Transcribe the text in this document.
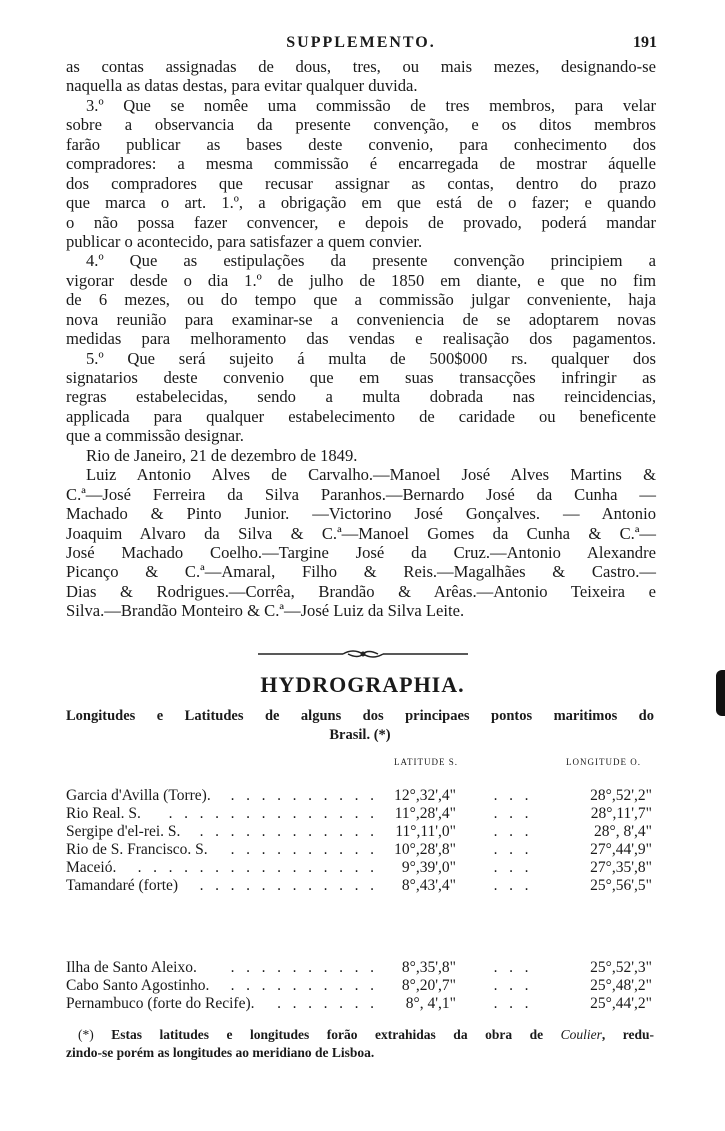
SUPPLEMENTO.	191
as contas assignadas de dous, tres, ou mais mezes, designando-se
naquella as datas destas, para evitar qualquer duvida.
3.º Que se nomêe uma commissão de tres membros, para velar
sobre a observancia da presente convenção, e os ditos membros
farão publicar as bases deste convenio, para conhecimento dos
compradores: a mesma commissão é encarregada de mostrar áquelle
dos compradores que recusar assignar as contas, dentro do prazo
que marca o art. 1.º, a obrigação em que está de o fazer; e quando
o não possa fazer convencer, e depois de provado, poderá mandar
publicar o acontecido, para satisfazer a quem convier.
4.º Que as estipulações da presente convenção principiem a
vigorar desde o dia 1.º de julho de 1850 em diante, e que no fim
de 6 mezes, ou do tempo que a commissão julgar conveniente, haja
nova reunião para examinar-se a conveniencia de se adoptarem novas
medidas para melhoramento das vendas e realisação dos pagamentos.
5.º Que será sujeito á multa de 500$000 rs. qualquer dos
signatarios deste convenio que em suas transacções infringir as
regras estabelecidas, sendo a multa dobrada nas reincidencias,
applicada para qualquer estabelecimento de caridade ou beneficente
que a commissão designar.
Rio de Janeiro, 21 de dezembro de 1849.
Luiz Antonio Alves de Carvalho.—Manoel José Alves Martins &
C.ª—José Ferreira da Silva Paranhos.—Bernardo José da Cunha —
Machado & Pinto Junior. —Victorino José Gonçalves. — Antonio
Joaquim Alvaro da Silva & C.ª—Manoel Gomes da Cunha & C.ª—
José Machado Coelho.—Targine José da Cruz.—Antonio Alexandre
Picanço & C.ª—Amaral, Filho & Reis.—Magalhães & Castro.—
Dias & Rodrigues.—Corrêa, Brandão & Arêas.—Antonio Teixeira e
Silva.—Brandão Monteiro & C.ª—José Luiz da Silva Leite.
HYDROGRAPHIA.
Longitudes e Latitudes de alguns dos principaes pontos maritimos do
Brasil. (*)
LATITUDE S.	LONGITUDE O.
Garcia d'Avilla (Torre).	.   .   .   .   .   .   .   .   .   .	12°,32',4"	.   .   .	28°,52',2"
Rio Real. S.	.   .   .   .   .   .   .   .   .   .   .   .   .   .	11°,28',4"	.   .   .	28°,11',7"
Sergipe d'el-rei. S.	.   .   .   .   .   .   .   .   .   .   .   .	11°,11',0"	.   .   .	28°, 8',4"
Rio de S. Francisco. S.	.   .   .   .   .   .   .   .   .   .	10°,28',8"	.   .   .	27°,44',9"
Maceió.	.   .   .   .   .   .   .   .   .   .   .   .   .   .   .   .	9°,39',0"	.   .   .	27°,35',8"
Tamandaré (forte)	.   .   .   .   .   .   .   .   .   .   .   .	8°,43',4"	.   .   .	25°,56',5"
Ilha de Santo Aleixo.	.   .   .   .   .   .   .   .   .   .	8°,35',8"	.   .   .	25°,52',3"
Cabo Santo Agostinho.	.   .   .   .   .   .   .   .   .   .	8°,20',7"	.   .   .	25°,48',2"
Pernambuco (forte do Recife).	.   .   .   .   .   .   .	8°, 4',1"	.   .   .	25°,44',2"
(*) Estas latitudes e longitudes forão extrahidas da obra de Coulier, redu-
zindo-se porém as longitudes ao meridiano de Lisboa.
